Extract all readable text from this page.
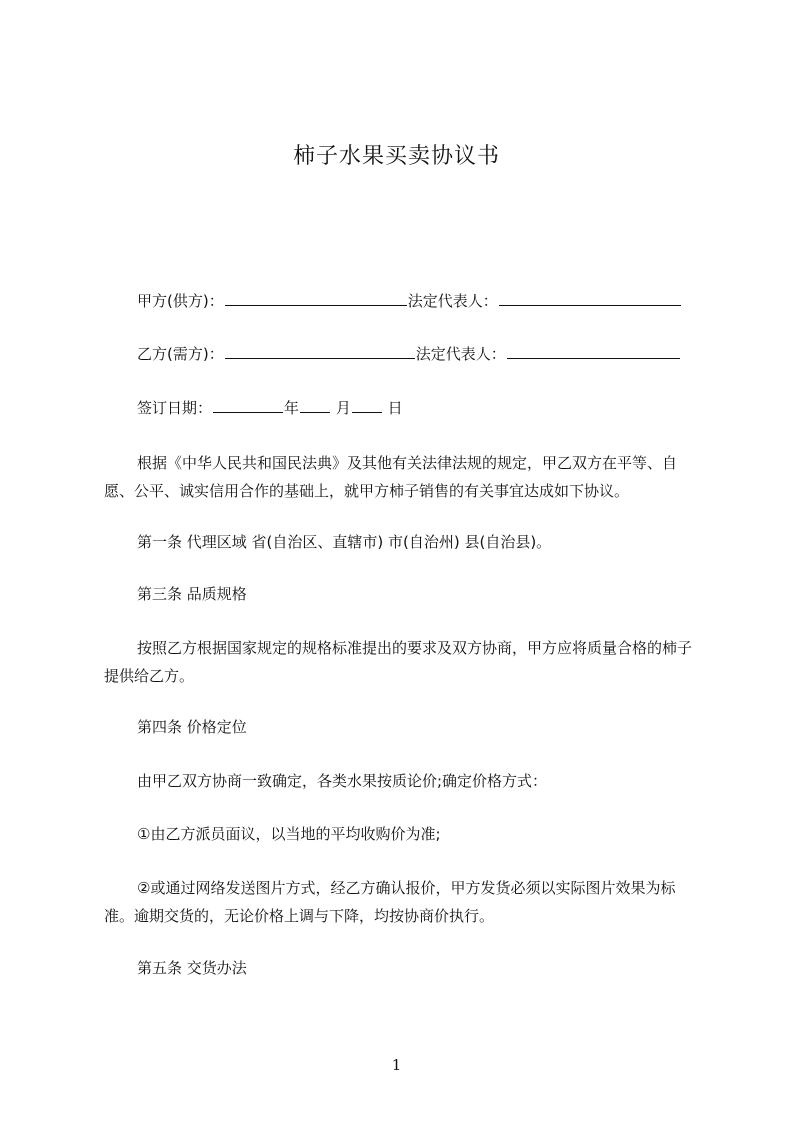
柿子水果买卖协议书
甲方(供方)：	法定代表人：
乙方(需方)：	法定代表人：
签订日期：	年 月 日
根据《中华人民共和国民法典》及其他有关法律法规的规定，甲乙双方在平等、自愿、公平、诚实信用合作的基础上，就甲方柿子销售的有关事宜达成如下协议。
第一条 代理区域 省(自治区、直辖市) 市(自治州) 县(自治县)。
第三条 品质规格
按照乙方根据国家规定的规格标准提出的要求及双方协商，甲方应将质量合格的柿子提供给乙方。
第四条 价格定位
由甲乙双方协商一致确定，各类水果按质论价;确定价格方式：
①由乙方派员面议，以当地的平均收购价为准;
②或通过网络发送图片方式，经乙方确认报价，甲方发货必须以实际图片效果为标准。逾期交货的，无论价格上调与下降，均按协商价执行。
第五条 交货办法
1
